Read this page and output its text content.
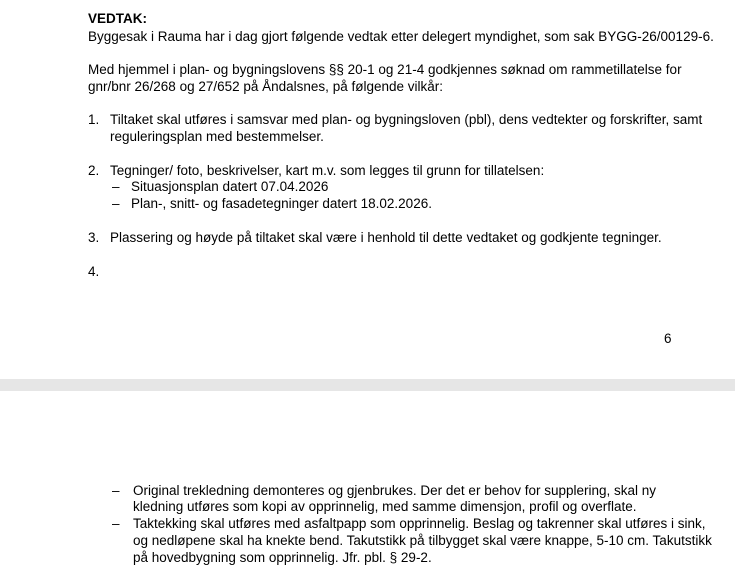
VEDTAK:
Byggesak i Rauma har i dag gjort følgende vedtak etter delegert myndighet, som sak BYGG-26/00129-6.
Med hjemmel i plan- og bygningslovens §§ 20-1 og 21-4 godkjennes søknad om rammetillatelse for
gnr/bnr 26/268 og 27/652 på Åndalsnes, på følgende vilkår:
1. Tiltaket skal utføres i samsvar med plan- og bygningsloven (pbl), dens vedtekter og forskrifter, samt
reguleringsplan med bestemmelser.
2. Tegninger/ foto, beskrivelser, kart m.v. som legges til grunn for tillatelsen:
– Situasjonsplan datert 07.04.2026
– Plan-, snitt- og fasadetegninger datert 18.02.2026.
3. Plassering og høyde på tiltaket skal være i henhold til dette vedtaket og godkjente tegninger.
4.
6
– Original trekledning demonteres og gjenbrukes. Der det er behov for supplering, skal ny
kledning utføres som kopi av opprinnelig, med samme dimensjon, profil og overflate.
– Taktekking skal utføres med asfaltpapp som opprinnelig. Beslag og takrenner skal utføres i sink,
og nedløpene skal ha knekte bend. Takutstikk på tilbygget skal være knappe, 5-10 cm. Takutstikk
på hovedbygning som opprinnelig. Jfr. pbl. § 29-2.
